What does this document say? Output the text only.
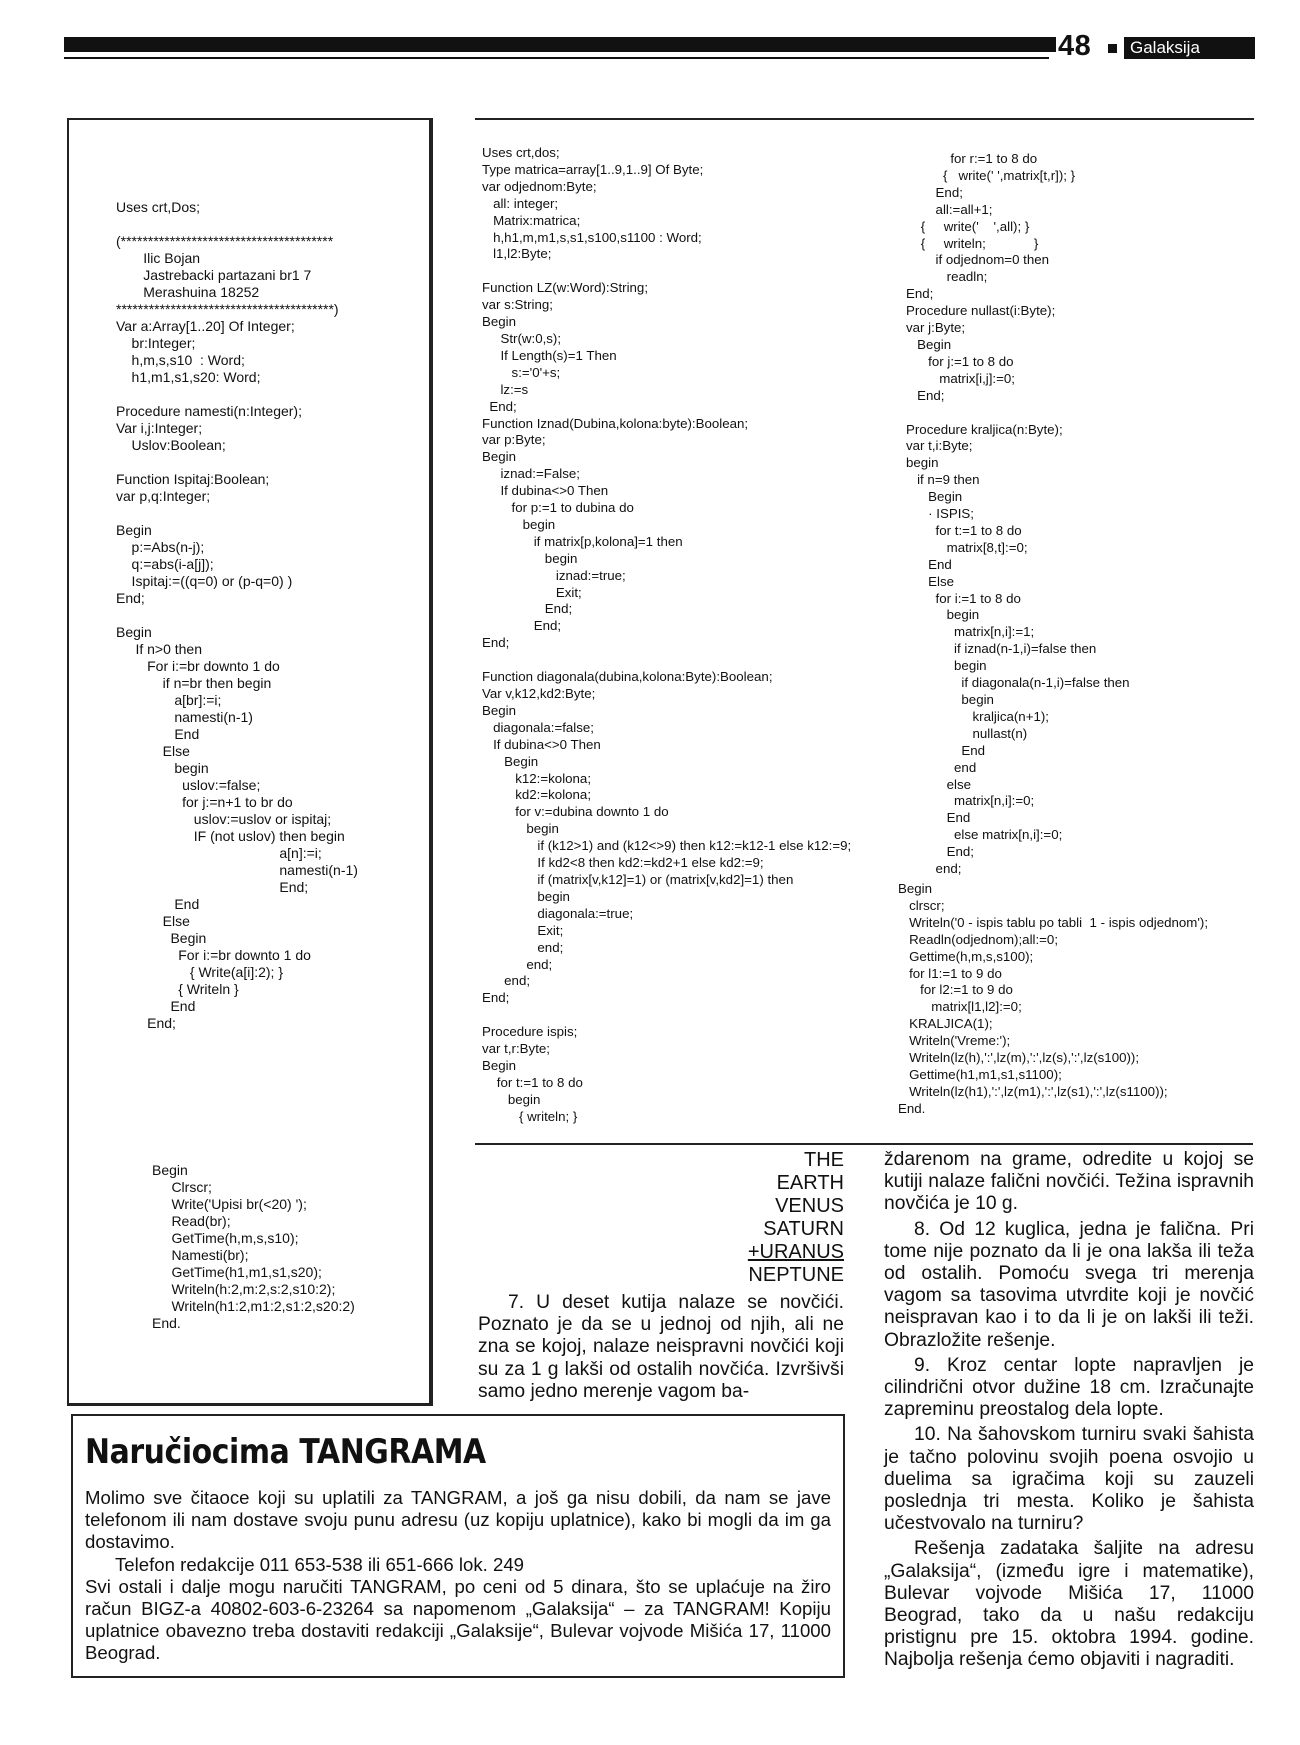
48	Galaksija
Uses crt,Dos;

(***************************************
Ilic Bojan
Jastrebacki partazani br1 7
Merashuina 18252
****************************************)
Var a:Array[1..20] Of Integer;
br:Integer;
h,m,s,s10  : Word;
h1,m1,s1,s20: Word;

Procedure namesti(n:Integer);
Var i,j:Integer;
Uslov:Boolean;

Function Ispitaj:Boolean;
var p,q:Integer;

Begin
p:=Abs(n-j);
q:=abs(i-a[j]);
Ispitaj:=((q=0) or (p-q=0) )
End;

Begin
If n>0 then
For i:=br downto 1 do
if n=br then begin
a[br]:=i;
namesti(n-1)
End
Else
begin
uslov:=false;
for j:=n+1 to br do
uslov:=uslov or ispitaj;
IF (not uslov) then begin
a[n]:=i;
namesti(n-1)
End;
End
Else
Begin
For i:=br downto 1 do
{ Write(a[i]:2); }
{ Writeln }
End
End;
Begin
Clrscr;
Write('Upisi br(<20) ');
Read(br);
GetTime(h,m,s,s10);
Namesti(br);
GetTime(h1,m1,s1,s20);
Writeln(h:2,m:2,s:2,s10:2);
Writeln(h1:2,m1:2,s1:2,s20:2)
End.
Uses crt,dos;
Type matrica=array[1..9,1..9] Of Byte;
var odjednom:Byte;
all: integer;
Matrix:matrica;
h,h1,m,m1,s,s1,s100,s1100 : Word;
l1,l2:Byte;

Function LZ(w:Word):String;
var s:String;
Begin
Str(w:0,s);
If Length(s)=1 Then
s:='0'+s;
lz:=s
End;
Function Iznad(Dubina,kolona:byte):Boolean;
var p:Byte;
Begin
iznad:=False;
If dubina<>0 Then
for p:=1 to dubina do
begin
if matrix[p,kolona]=1 then
begin
iznad:=true;
Exit;
End;
End;
End;

Function diagonala(dubina,kolona:Byte):Boolean;
Var v,k12,kd2:Byte;
Begin
diagonala:=false;
If dubina<>0 Then
Begin
k12:=kolona;
kd2:=kolona;
for v:=dubina downto 1 do
begin
if (k12>1) and (k12<>9) then k12:=k12-1 else k12:=9;
If kd2<8 then kd2:=kd2+1 else kd2:=9;
if (matrix[v,k12]=1) or (matrix[v,kd2]=1) then
begin
diagonala:=true;
Exit;
end;
end;
end;
End;

Procedure ispis;
var t,r:Byte;
Begin
for t:=1 to 8 do
begin
{ writeln; }
for r:=1 to 8 do
{   write(' ',matrix[t,r]); }
End;
all:=all+1;
{     write('    ',all); }
{     writeln;             }
if odjednom=0 then
readln;
End;
Procedure nullast(i:Byte);
var j:Byte;
Begin
for j:=1 to 8 do
matrix[i,j]:=0;
End;

Procedure kraljica(n:Byte);
var t,i:Byte;
begin
if n=9 then
Begin
· ISPIS;
for t:=1 to 8 do
matrix[8,t]:=0;
End
Else
for i:=1 to 8 do
begin
matrix[n,i]:=1;
if iznad(n-1,i)=false then
begin
if diagonala(n-1,i)=false then
begin
kraljica(n+1);
nullast(n)
End
end
else
matrix[n,i]:=0;
End
else matrix[n,i]:=0;
End;
end;
Begin
clrscr;
Writeln('0 - ispis tablu po tabli  1 - ispis odjednom');
Readln(odjednom);all:=0;
Gettime(h,m,s,s100);
for l1:=1 to 9 do
for l2:=1 to 9 do
matrix[l1,l2]:=0;
KRALJICA(1);
Writeln('Vreme:');
Writeln(lz(h),':',lz(m),':',lz(s),':',lz(s100));
Gettime(h1,m1,s1,s1100);
Writeln(lz(h1),':',lz(m1),':',lz(s1),':',lz(s1100));
End.
THE
EARTH
VENUS
SATURN
+URANUS
NEPTUNE
7. U deset kutija nalaze se novčići. Poznato je da se u jednoj od njih, ali ne zna se kojoj, nalaze neispravni novčići koji su za 1 g lakši od ostalih novčića. Izvršivši samo jedno merenje vagom ba-
ždarenom na grame, odredite u kojoj se kutiji nalaze falični novčići. Težina ispravnih novčića je 10 g.
8. Od 12 kuglica, jedna je falična. Pri tome nije poznato da li je ona lakša ili teža od ostalih. Pomoću svega tri merenja vagom sa tasovima utvrdite koji je novčić neispravan kao i to da li je on lakši ili teži. Obrazložite rešenje.
9. Kroz centar lopte napravljen je cilindrični otvor dužine 18 cm. Izračunajte zapreminu preostalog dela lopte.
10. Na šahovskom turniru svaki šahista je tačno polovinu svojih poena osvojio u duelima sa igračima koji su zauzeli poslednja tri mesta. Koliko je šahista učestvovalo na turniru?
Rešenja zadataka šaljite na adresu „Galaksija“, (između igre i matematike), Bulevar vojvode Mišića 17, 11000 Beograd, tako da u našu redakciju pristignu pre 15. oktobra 1994. godine. Najbolja rešenja ćemo objaviti i nagraditi.
Naručiocima TANGRAMA
Molimo sve čitaoce koji su uplatili za TANGRAM, a još ga nisu dobili, da nam se jave telefonom ili nam dostave svoju punu adresu (uz kopiju uplatnice), kako bi mogli da im ga dostavimo.
Telefon redakcije 011 653-538 ili 651-666 lok. 249
Svi ostali i dalje mogu naručiti TANGRAM, po ceni od 5 dinara, što se uplaćuje na žiro račun BIGZ-a 40802-603-6-23264 sa napomenom „Galaksija“ – za TANGRAM! Kopiju uplatnice obavezno treba dostaviti redakciji „Galaksije“, Bulevar vojvode Mišića 17, 11000 Beograd.
